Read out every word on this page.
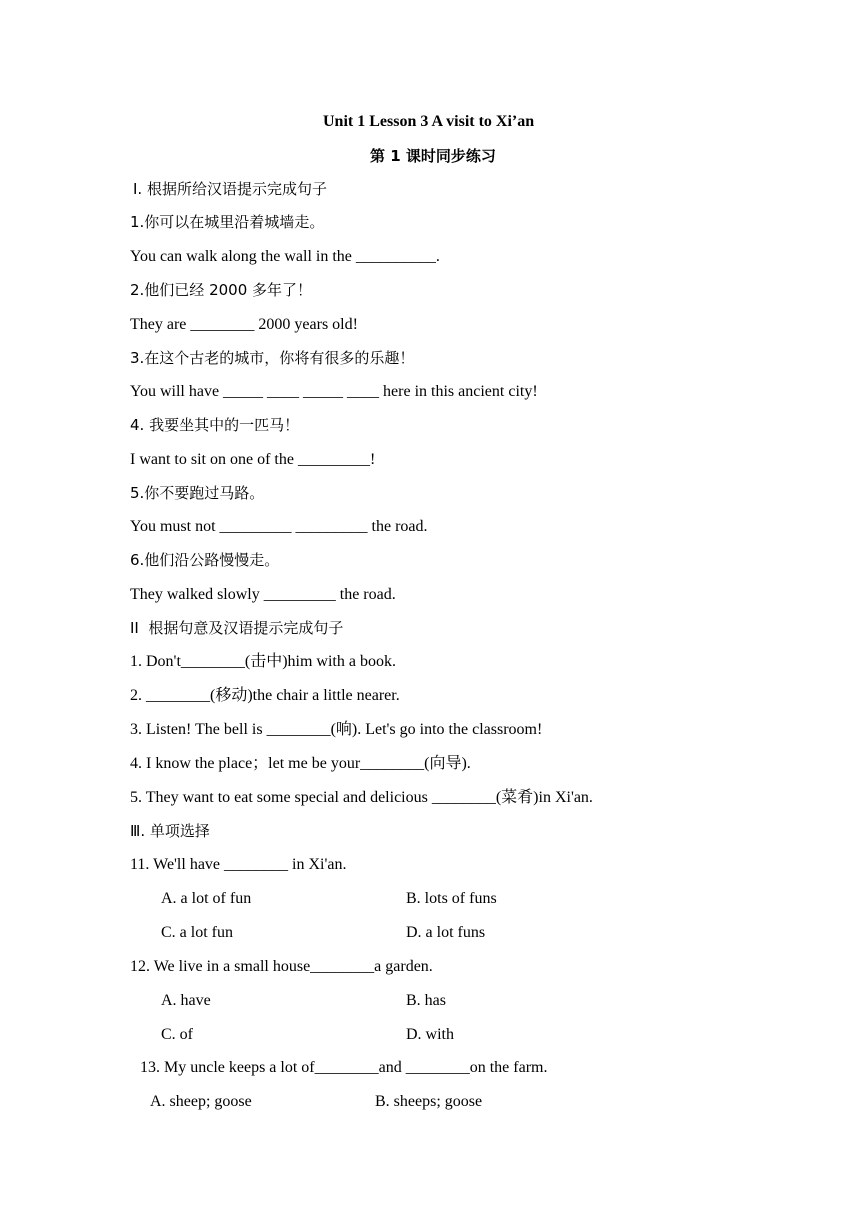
Unit 1 Lesson 3 A visit to Xi’an
第 1 课时同步练习
Ⅰ. 根据所给汉语提示完成句子
1.你可以在城里沿着城墙走。
You can walk along the wall in the __________.
2.他们已经 2000 多年了！
They are ________ 2000 years old!
3.在这个古老的城市，你将有很多的乐趣！
You will have _____ ____ _____ ____ here in this ancient city!
4. 我要坐其中的一匹马！
I want to sit on one of the _________!
5.你不要跑过马路。
You must not _________ _________ the road.
6.他们沿公路慢慢走。
They walked slowly _________ the road.
II  根据句意及汉语提示完成句子
1. Don't________(击中)him with a book.
2. ________(移动)the chair a little nearer.
3. Listen! The bell is ________(响). Let's go into the classroom!
4. I know the place；let me be your________(向导).
5. They want to eat some special and delicious ________(菜肴)in Xi'an.
Ⅲ. 单项选择
11. We'll have ________ in Xi'an.
A. a lot of fun	B. lots of funs
C. a lot fun	D. a lot funs
12. We live in a small house________a garden.
A. have	B. has
C. of	D. with
13. My uncle keeps a lot of________and ________on the farm.
A. sheep; goose	B. sheeps; goose
